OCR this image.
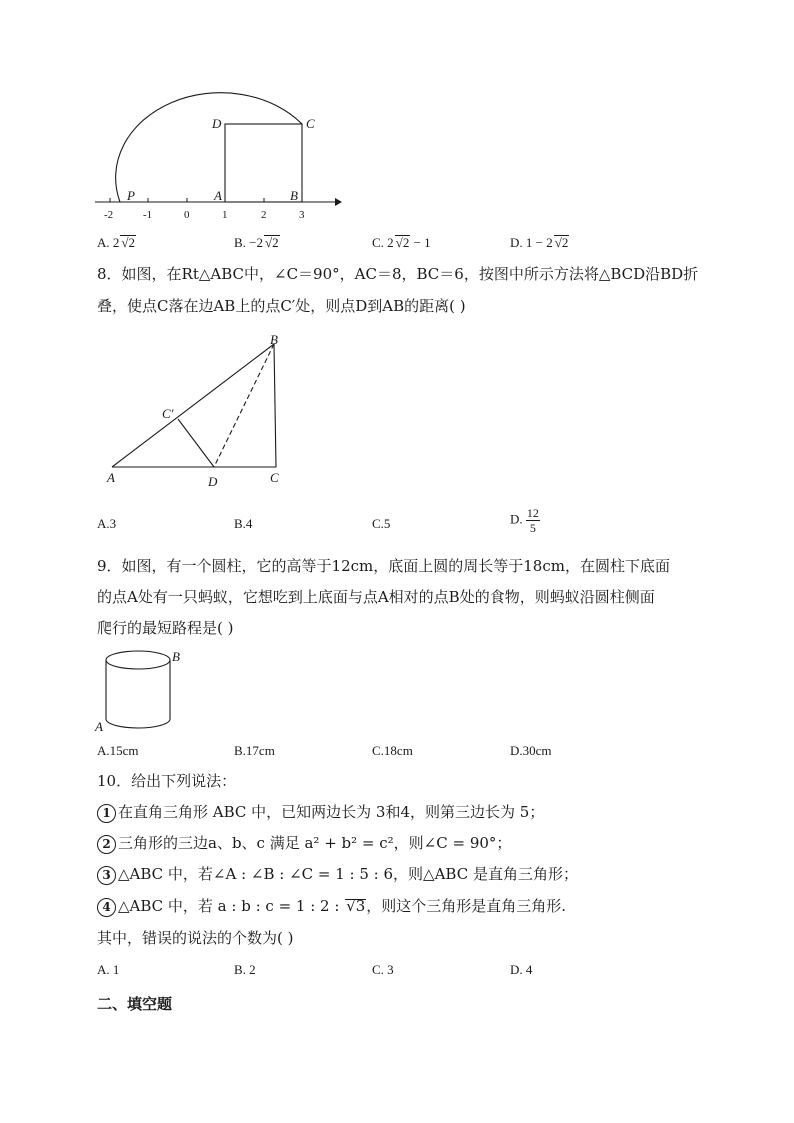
D	C
P	A	B
-2	-1	0	1	2	3
A. 2 √2	B. −2 √2	C. 2 √2 − 1	D. 1 − 2 √2
8．如图，在Rt△ABC中，∠C＝90°，AC＝8，BC＝6，按图中所示方法将△BCD沿BD折
叠，使点C落在边AB上的点C′处，则点D到AB的距离( )
B
C′
A	D	C
A.3	B.4	C.5	D. $\frac{12}{5}$
9．如图，有一个圆柱，它的高等于12cm，底面上圆的周长等于18cm，在圆柱下底面
的点A处有一只蚂蚁，它想吃到上底面与点A相对的点B处的食物，则蚂蚁沿圆柱侧面
爬行的最短路程是( )
B
A
A.15cm	B.17cm	C.18cm	D.30cm
10．给出下列说法：
1 在直角三角形 ABC 中，已知两边长为 3和4，则第三边长为 5；
2 三角形的三边a、b、c 满足 a² + b² = c²，则∠C = 90°；
3 △ABC 中，若∠A : ∠B : ∠C = 1 : 5 : 6，则△ABC 是直角三角形；
4 △ABC 中，若 a : b : c = 1 : 2 : √3，则这个三角形是直角三角形.
其中，错误的说法的个数为( )
A. 1	B. 2	C. 3	D. 4
二、填空题
